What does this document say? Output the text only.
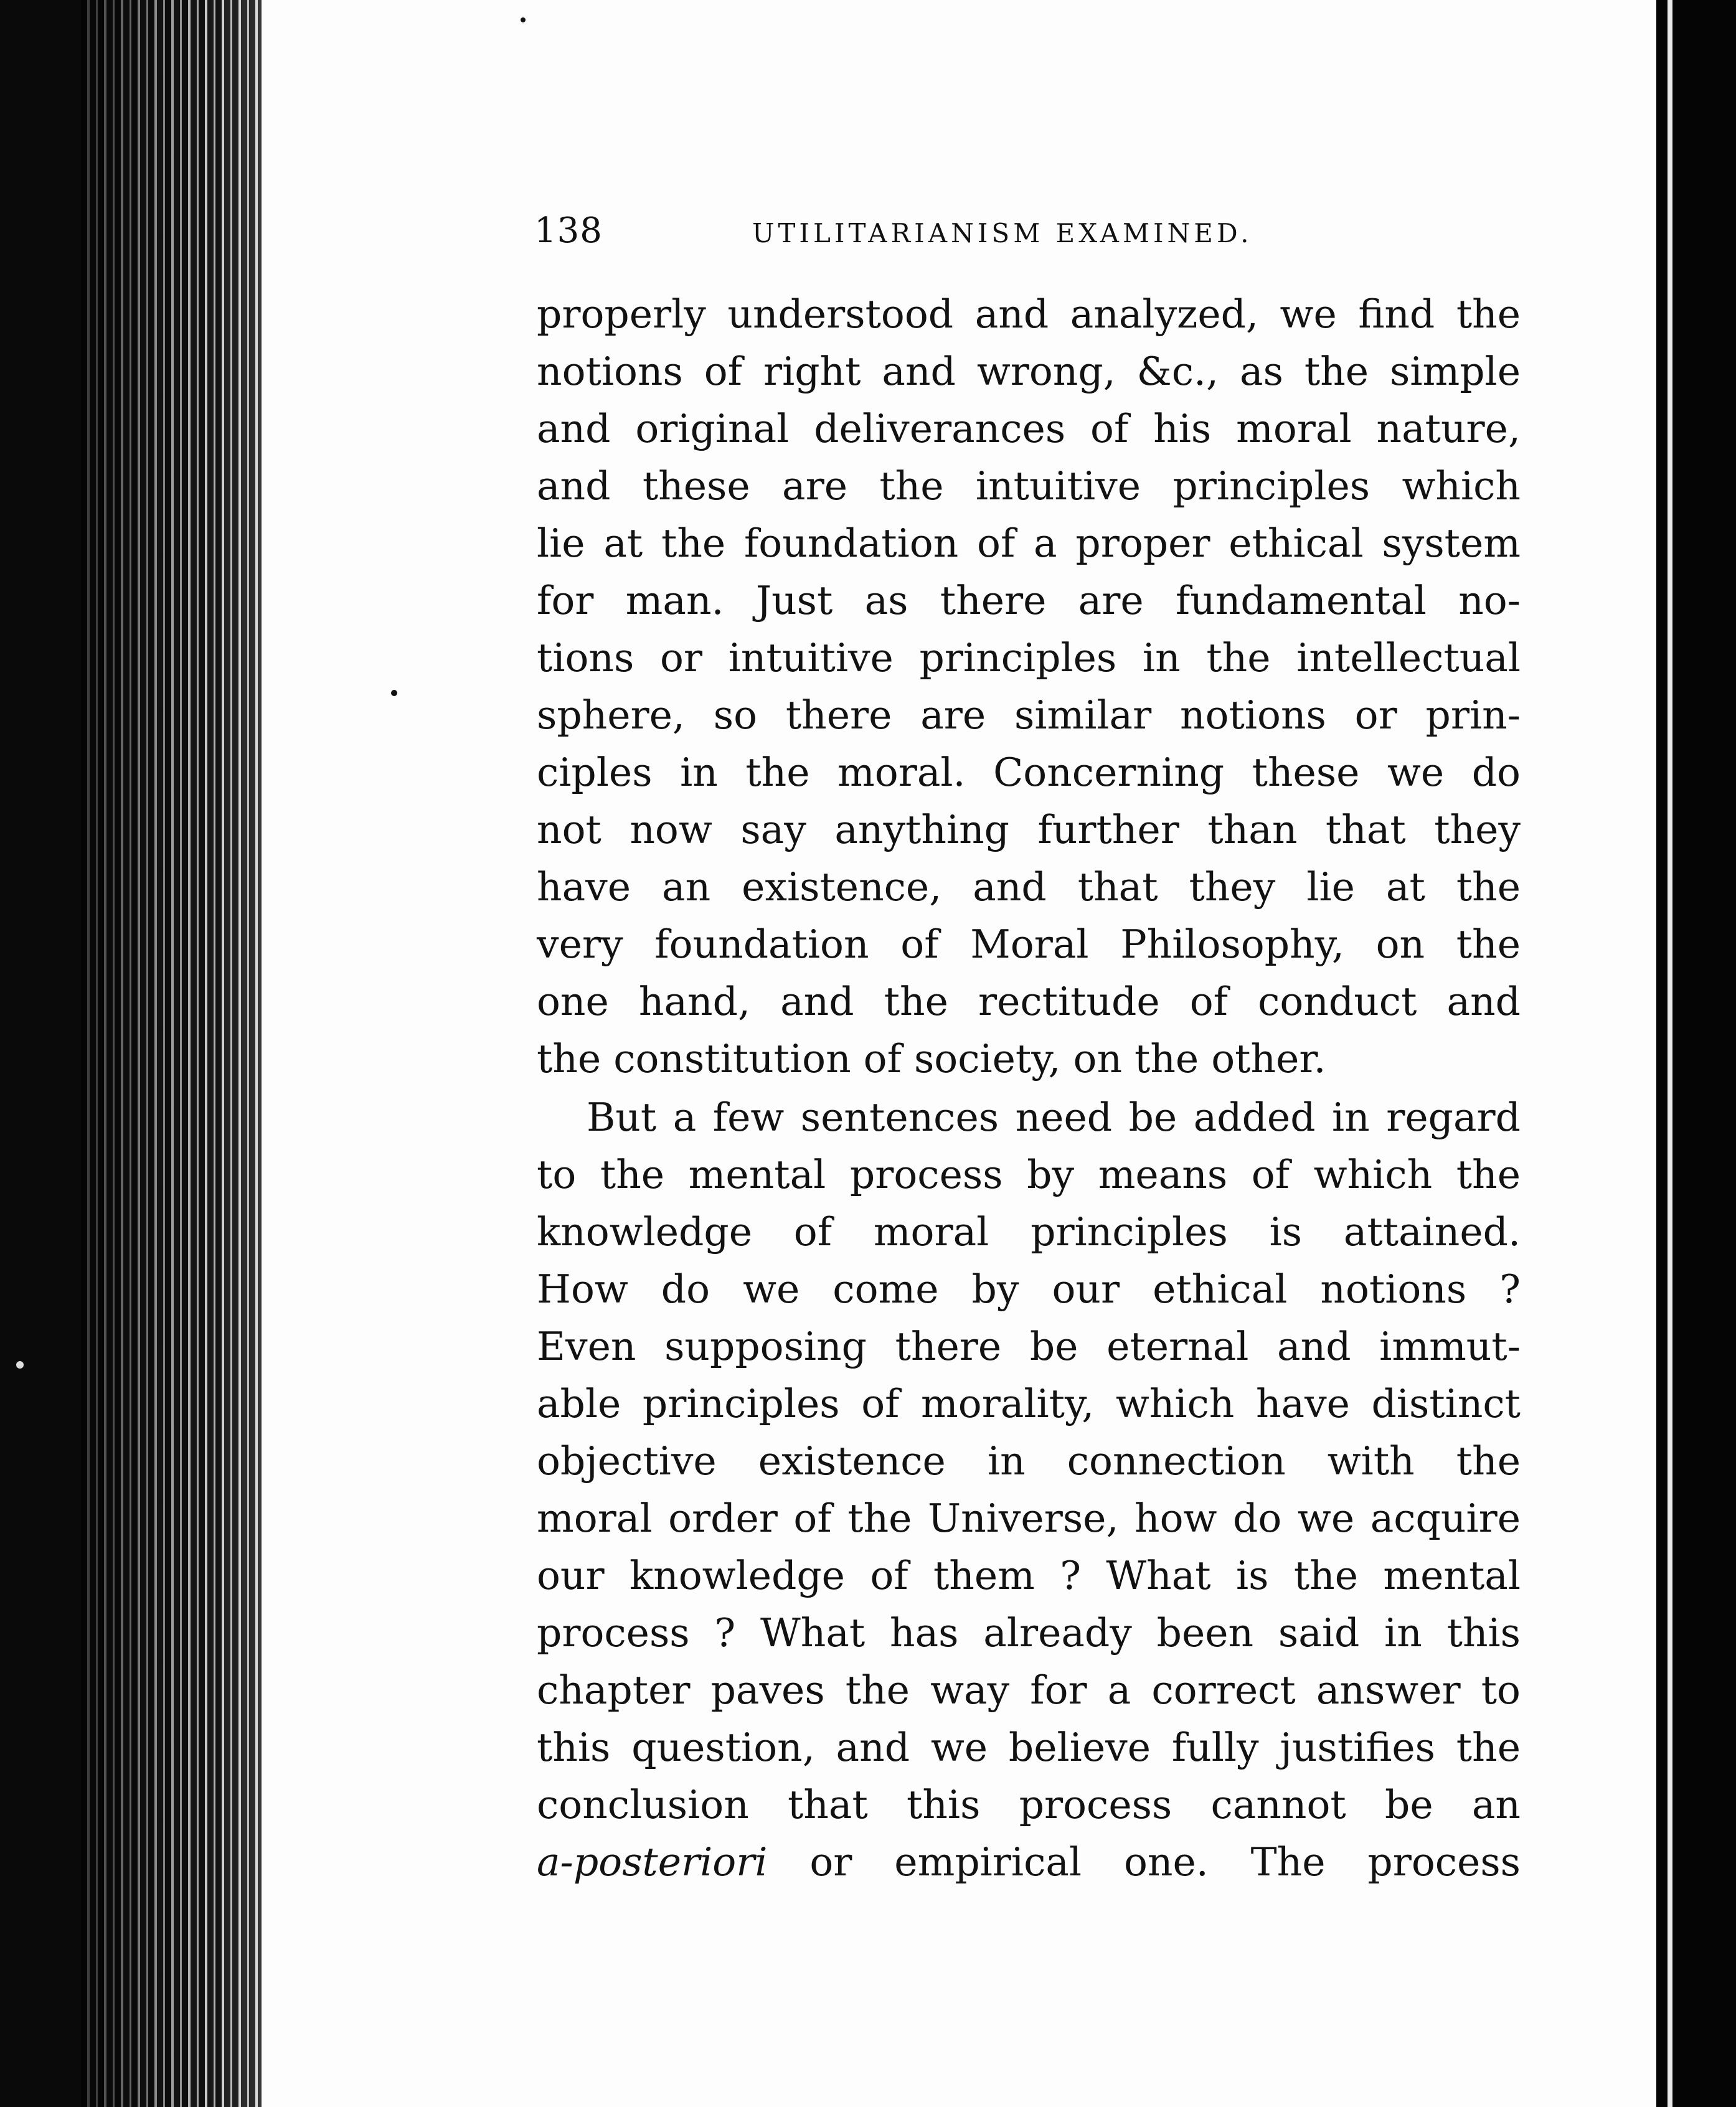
138	UTILITARIANISM EXAMINED.
properly understood and analyzed, we find the
notions of right and wrong, &c., as the simple
and original deliverances of his moral nature,
and these are the intuitive principles which
lie at the foundation of a proper ethical system
for man. Just as there are fundamental no-
tions or intuitive principles in the intellectual
sphere, so there are similar notions or prin-
ciples in the moral. Concerning these we do
not now say anything further than that they
have an existence, and that they lie at the
very foundation of Moral Philosophy, on the
one hand, and the rectitude of conduct and
the constitution of society, on the other.
But a few sentences need be added in regard
to the mental process by means of which the
knowledge of moral principles is attained.
How do we come by our ethical notions ?
Even supposing there be eternal and immut-
able principles of morality, which have distinct
objective existence in connection with the
moral order of the Universe, how do we acquire
our knowledge of them ? What is the mental
process ? What has already been said in this
chapter paves the way for a correct answer to
this question, and we believe fully justifies the
conclusion that this process cannot be an
a-posteriori or empirical one. The process
